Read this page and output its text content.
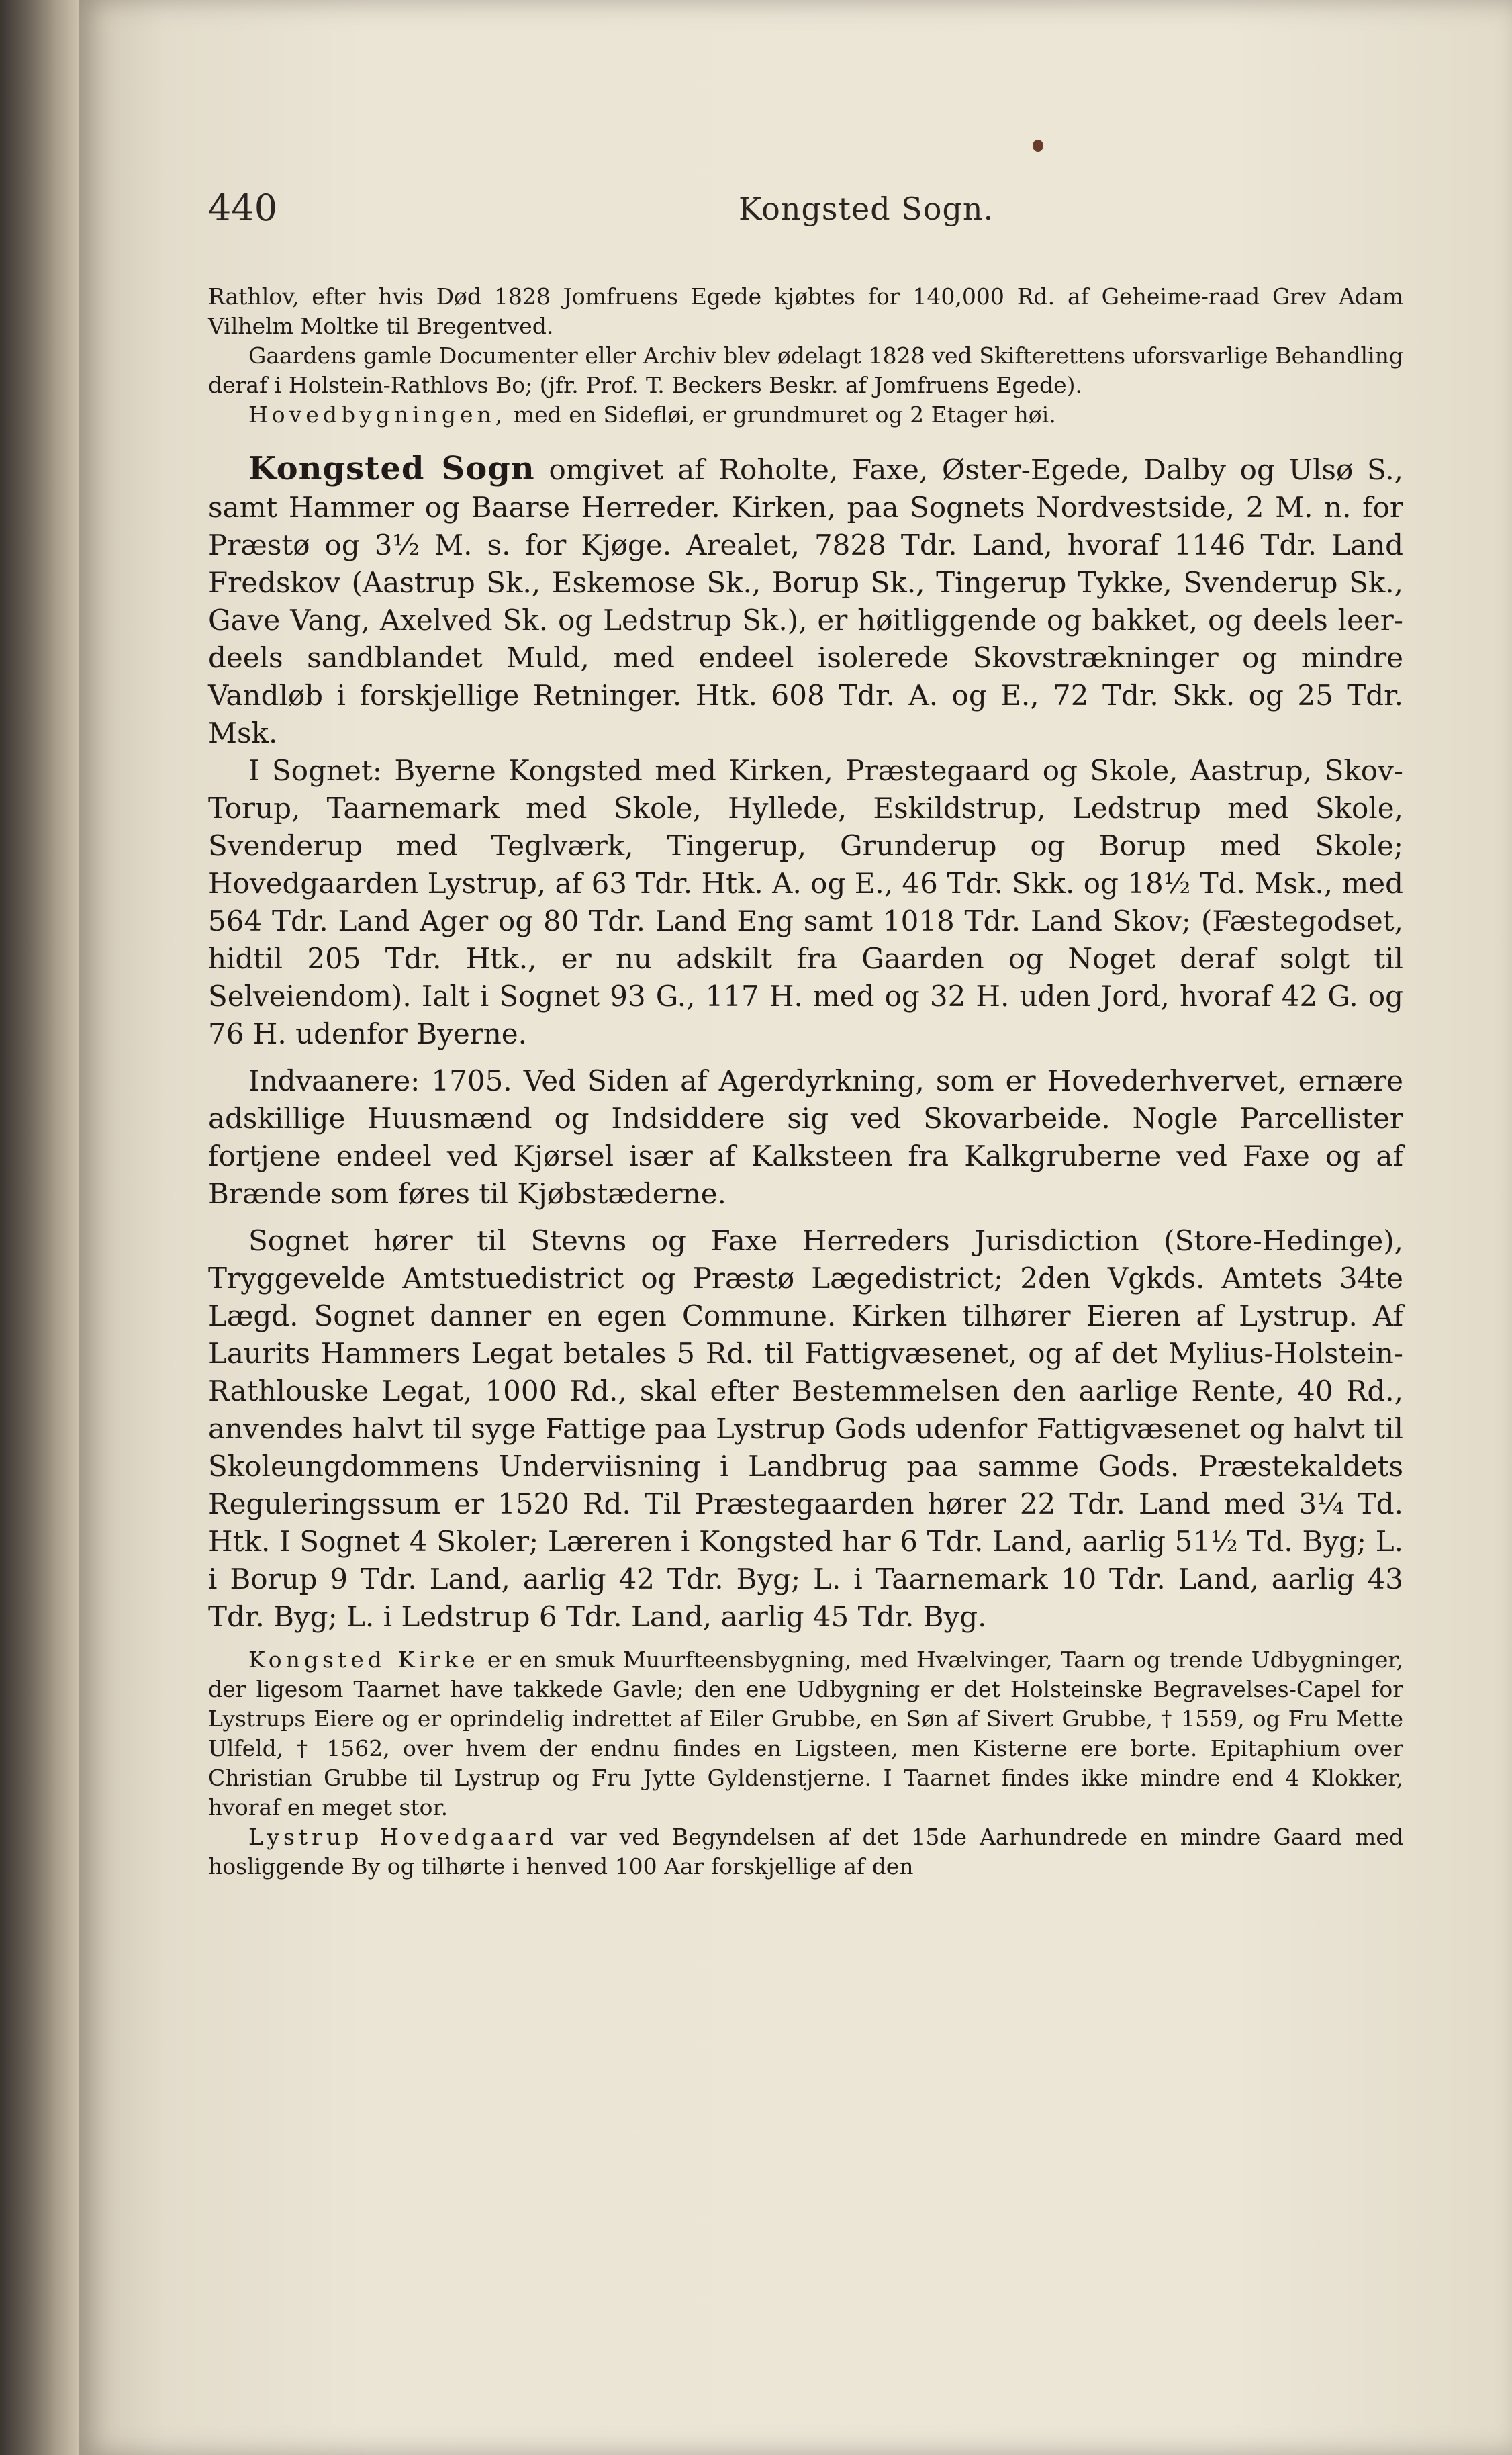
440	Kongsted Sogn.

Rathlov, efter hvis Død 1828 Jomfruens Egede kjøbtes for 140,000 Rd. af Geheime-raad Grev Adam Vilhelm Moltke til Bregentved.

Gaardens gamle Documenter eller Archiv blev ødelagt 1828 ved Skifterettens uforsvarlige Behandling deraf i Holstein-Rathlovs Bo; (jfr. Prof. T. Beckers Beskr. af Jomfruens Egede).

Hovedbygningen, med en Sidefløi, er grundmuret og 2 Etager høi.

Kongsted Sogn omgivet af Roholte, Faxe, Øster-Egede, Dalby og Ulsø S., samt Hammer og Baarse Herreder. Kirken, paa Sognets Nordvestside, 2 M. n. for Præstø og 3½ M. s. for Kjøge. Arealet, 7828 Tdr. Land, hvoraf 1146 Tdr. Land Fredskov (Aastrup Sk., Eskemose Sk., Borup Sk., Tingerup Tykke, Svenderup Sk., Gave Vang, Axelved Sk. og Ledstrup Sk.), er høitliggende og bakket, og deels leer- deels sandblandet Muld, med endeel isolerede Skovstrækninger og mindre Vandløb i forskjellige Retninger. Htk. 608 Tdr. A. og E., 72 Tdr. Skk. og 25 Tdr. Msk.

I Sognet: Byerne Kongsted med Kirken, Præstegaard og Skole, Aastrup, Skov-Torup, Taarnemark med Skole, Hyllede, Eskildstrup, Ledstrup med Skole, Svenderup med Teglværk, Tingerup, Grunderup og Borup med Skole; Hovedgaarden Lystrup, af 63 Tdr. Htk. A. og E., 46 Tdr. Skk. og 18½ Td. Msk., med 564 Tdr. Land Ager og 80 Tdr. Land Eng samt 1018 Tdr. Land Skov; (Fæstegodset, hidtil 205 Tdr. Htk., er nu adskilt fra Gaarden og Noget deraf solgt til Selveiendom). Ialt i Sognet 93 G., 117 H. med og 32 H. uden Jord, hvoraf 42 G. og 76 H. udenfor Byerne.

Indvaanere: 1705. Ved Siden af Agerdyrkning, som er Hovederhvervet, ernære adskillige Huusmænd og Indsiddere sig ved Skovarbeide. Nogle Parcellister fortjene endeel ved Kjørsel især af Kalksteen fra Kalkgruberne ved Faxe og af Brænde som føres til Kjøbstæderne.

Sognet hører til Stevns og Faxe Herreders Jurisdiction (Store-Hedinge), Tryggevelde Amtstuedistrict og Præstø Lægedistrict; 2den Vgkds. Amtets 34te Lægd. Sognet danner en egen Commune. Kirken tilhører Eieren af Lystrup. Af Laurits Hammers Legat betales 5 Rd. til Fattigvæsenet, og af det Mylius-Holstein-Rathlouske Legat, 1000 Rd., skal efter Bestemmelsen den aarlige Rente, 40 Rd., anvendes halvt til syge Fattige paa Lystrup Gods udenfor Fattigvæsenet og halvt til Skoleungdommens Underviisning i Landbrug paa samme Gods. Præstekaldets Reguleringssum er 1520 Rd. Til Præstegaarden hører 22 Tdr. Land med 3¼ Td. Htk. I Sognet 4 Skoler; Læreren i Kongsted har 6 Tdr. Land, aarlig 51½ Td. Byg; L. i Borup 9 Tdr. Land, aarlig 42 Tdr. Byg; L. i Taarnemark 10 Tdr. Land, aarlig 43 Tdr. Byg; L. i Ledstrup 6 Tdr. Land, aarlig 45 Tdr. Byg.

Kongsted Kirke er en smuk Muurfteensbygning, med Hvælvinger, Taarn og trende Udbygninger, der ligesom Taarnet have takkede Gavle; den ene Udbygning er det Holsteinske Begravelses-Capel for Lystrups Eiere og er oprindelig indrettet af Eiler Grubbe, en Søn af Sivert Grubbe, † 1559, og Fru Mette Ulfeld, † 1562, over hvem der endnu findes en Ligsteen, men Kisterne ere borte. Epitaphium over Christian Grubbe til Lystrup og Fru Jytte Gyldenstjerne. I Taarnet findes ikke mindre end 4 Klokker, hvoraf en meget stor.

Lystrup Hovedgaard var ved Begyndelsen af det 15de Aarhundrede en mindre Gaard med hosliggende By og tilhørte i henved 100 Aar forskjellige af den
